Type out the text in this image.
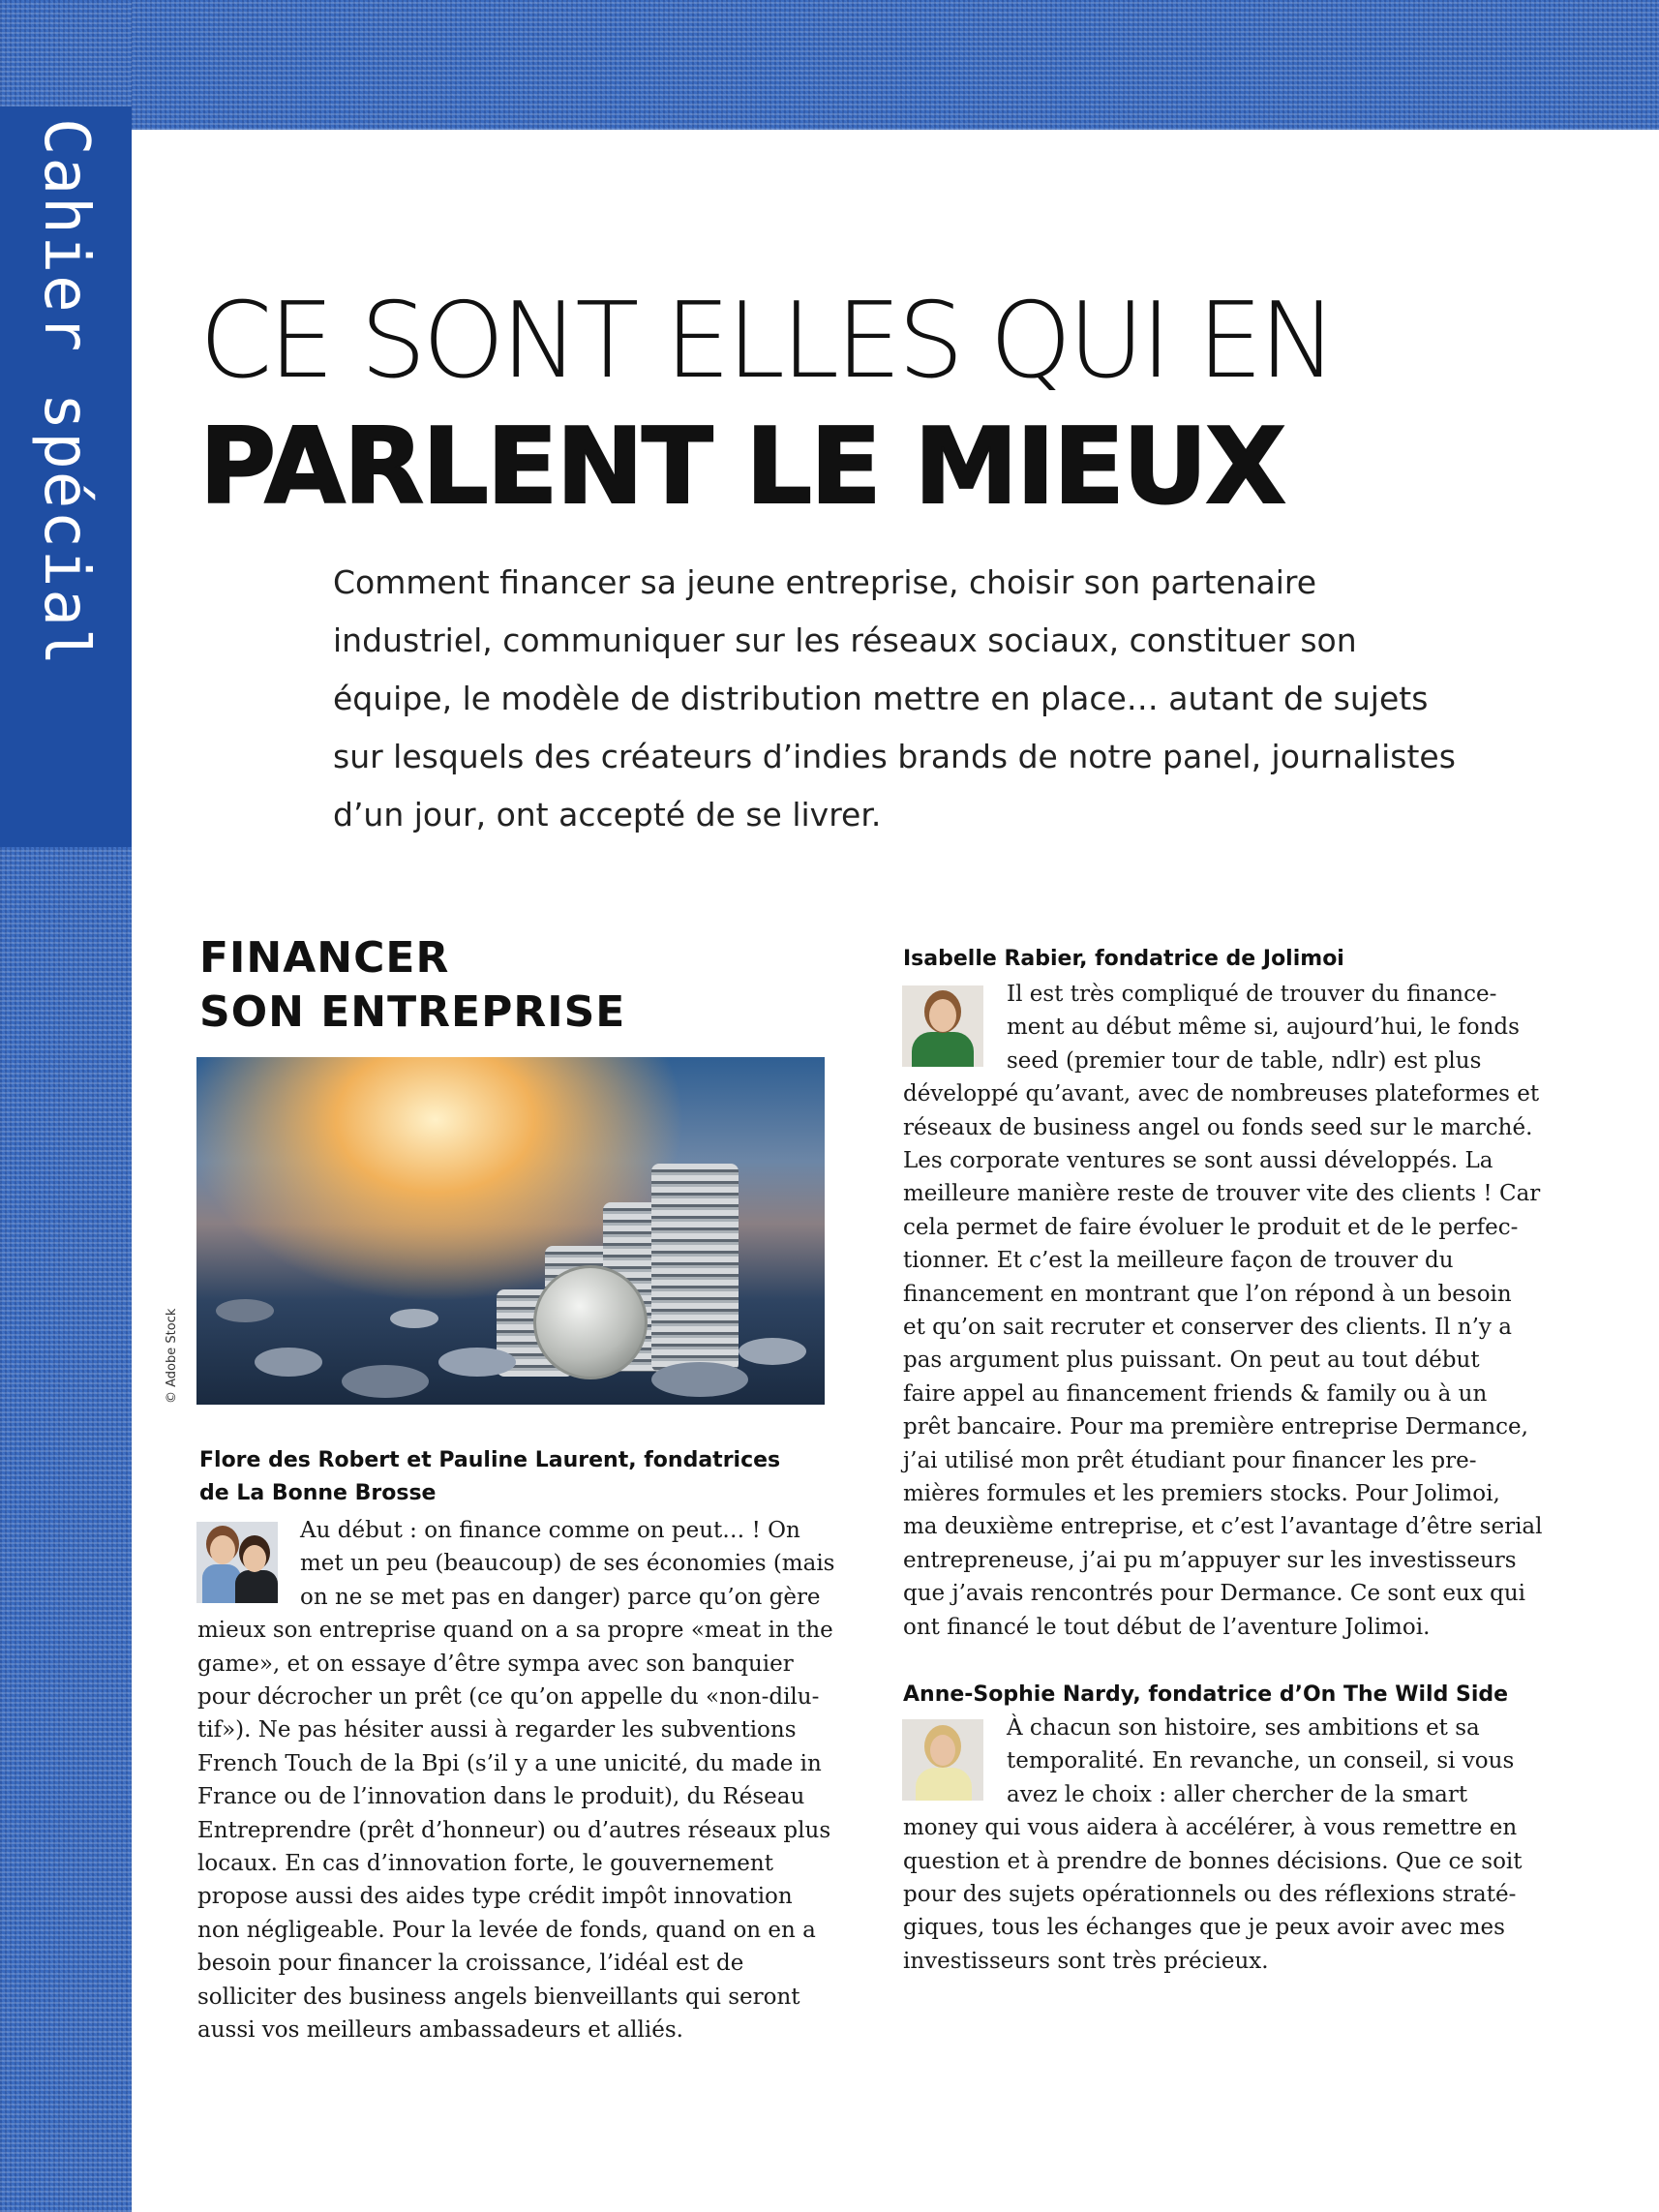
Cahier spécial CE SONT ELLES QUI EN
PARLENT LE MIEUX

Comment financer sa jeune entreprise, choisir son partenaire industriel, communiquer sur les réseaux sociaux, constituer son équipe, le modèle de distribution mettre en place… autant de sujets sur lesquels des créateurs d’indies brands de notre panel, journalistes d’un jour, ont accepté de se livrer.

FINANCER
SON ENTREPRISE
© Adobe Stock

Flore des Robert et Pauline Laurent, fondatrices
de La Bonne Brosse

Au début : on finance comme on peut… ! On
met un peu (beaucoup) de ses économies (mais
on ne se met pas en danger) parce qu’on gère

mieux son entreprise quand on a sa propre «meat in the
game», et on essaye d’être sympa avec son banquier
pour décrocher un prêt (ce qu’on appelle du «non-dilu-
tif»). Ne pas hésiter aussi à regarder les subventions
French Touch de la Bpi (s’il y a une unicité, du made in
France ou de l’innovation dans le produit), du Réseau
Entreprendre (prêt d’honneur) ou d’autres réseaux plus
locaux. En cas d’innovation forte, le gouvernement
propose aussi des aides type crédit impôt innovation
non négligeable. Pour la levée de fonds, quand on en a
besoin pour financer la croissance, l’idéal est de
solliciter des business angels bienveillants qui seront
aussi vos meilleurs ambassadeurs et alliés.

Isabelle Rabier, fondatrice de Jolimoi

Il est très compliqué de trouver du finance-
ment au début même si, aujourd’hui, le fonds
seed (premier tour de table, ndlr) est plus

développé qu’avant, avec de nombreuses plateformes et
réseaux de business angel ou fonds seed sur le marché.
Les corporate ventures se sont aussi développés. La
meilleure manière reste de trouver vite des clients ! Car
cela permet de faire évoluer le produit et de le perfec-
tionner. Et c’est la meilleure façon de trouver du
financement en montrant que l’on répond à un besoin
et qu’on sait recruter et conserver des clients. Il n’y a
pas argument plus puissant. On peut au tout début
faire appel au financement friends & family ou à un
prêt bancaire. Pour ma première entreprise Dermance,
j’ai utilisé mon prêt étudiant pour financer les pre-
mières formules et les premiers stocks. Pour Jolimoi,
ma deuxième entreprise, et c’est l’avantage d’être serial
entrepreneuse, j’ai pu m’appuyer sur les investisseurs
que j’avais rencontrés pour Dermance. Ce sont eux qui
ont financé le tout début de l’aventure Jolimoi.

Anne-Sophie Nardy, fondatrice d’On The Wild Side

À chacun son histoire, ses ambitions et sa
temporalité. En revanche, un conseil, si vous
avez le choix : aller chercher de la smart

money qui vous aidera à accélérer, à vous remettre en
question et à prendre de bonnes décisions. Que ce soit
pour des sujets opérationnels ou des réflexions straté-
giques, tous les échanges que je peux avoir avec mes
investisseurs sont très précieux.
